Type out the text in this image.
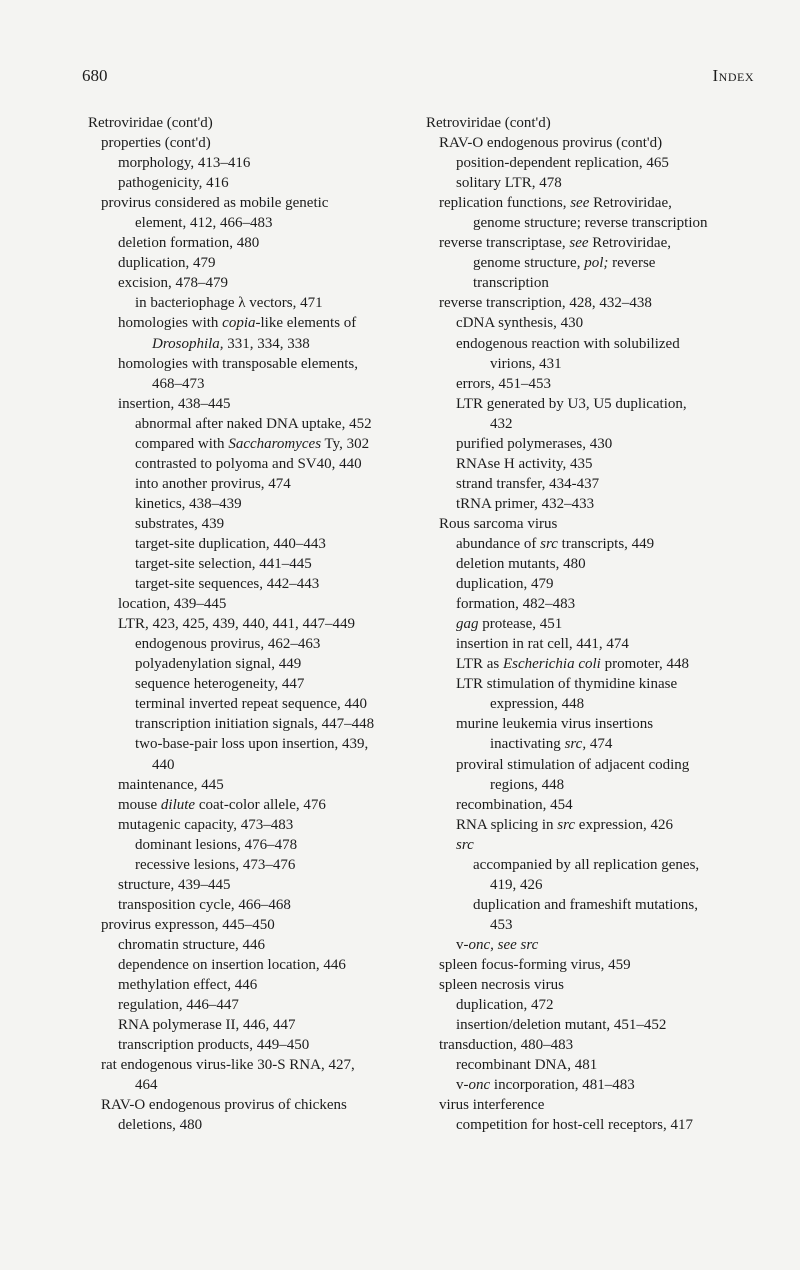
680	Index
Retroviridae (cont'd)
properties (cont'd)
morphology, 413–416
pathogenicity, 416
provirus considered as mobile genetic
element, 412, 466–483
deletion formation, 480
duplication, 479
excision, 478–479
in bacteriophage λ vectors, 471
homologies with copia-like elements of
Drosophila, 331, 334, 338
homologies with transposable elements,
468–473
insertion, 438–445
abnormal after naked DNA uptake, 452
compared with Saccharomyces Ty, 302
contrasted to polyoma and SV40, 440
into another provirus, 474
kinetics, 438–439
substrates, 439
target-site duplication, 440–443
target-site selection, 441–445
target-site sequences, 442–443
location, 439–445
LTR, 423, 425, 439, 440, 441, 447–449
endogenous provirus, 462–463
polyadenylation signal, 449
sequence heterogeneity, 447
terminal inverted repeat sequence, 440
transcription initiation signals, 447–448
two-base-pair loss upon insertion, 439,
440
maintenance, 445
mouse dilute coat-color allele, 476
mutagenic capacity, 473–483
dominant lesions, 476–478
recessive lesions, 473–476
structure, 439–445
transposition cycle, 466–468
provirus expresson, 445–450
chromatin structure, 446
dependence on insertion location, 446
methylation effect, 446
regulation, 446–447
RNA polymerase II, 446, 447
transcription products, 449–450
rat endogenous virus-like 30-S RNA, 427,
464
RAV-O endogenous provirus of chickens
deletions, 480
Retroviridae (cont'd)
RAV-O endogenous provirus (cont'd)
position-dependent replication, 465
solitary LTR, 478
replication functions, see Retroviridae,
genome structure; reverse transcription
reverse transcriptase, see Retroviridae,
genome structure, pol; reverse
transcription
reverse transcription, 428, 432–438
cDNA synthesis, 430
endogenous reaction with solubilized
virions, 431
errors, 451–453
LTR generated by U3, U5 duplication,
432
purified polymerases, 430
RNAse H activity, 435
strand transfer, 434-437
tRNA primer, 432–433
Rous sarcoma virus
abundance of src transcripts, 449
deletion mutants, 480
duplication, 479
formation, 482–483
gag protease, 451
insertion in rat cell, 441, 474
LTR as Escherichia coli promoter, 448
LTR stimulation of thymidine kinase
expression, 448
murine leukemia virus insertions
inactivating src, 474
proviral stimulation of adjacent coding
regions, 448
recombination, 454
RNA splicing in src expression, 426
src
accompanied by all replication genes,
419, 426
duplication and frameshift mutations,
453
v-onc, see src
spleen focus-forming virus, 459
spleen necrosis virus
duplication, 472
insertion/deletion mutant, 451–452
transduction, 480–483
recombinant DNA, 481
v-onc incorporation, 481–483
virus interference
competition for host-cell receptors, 417
